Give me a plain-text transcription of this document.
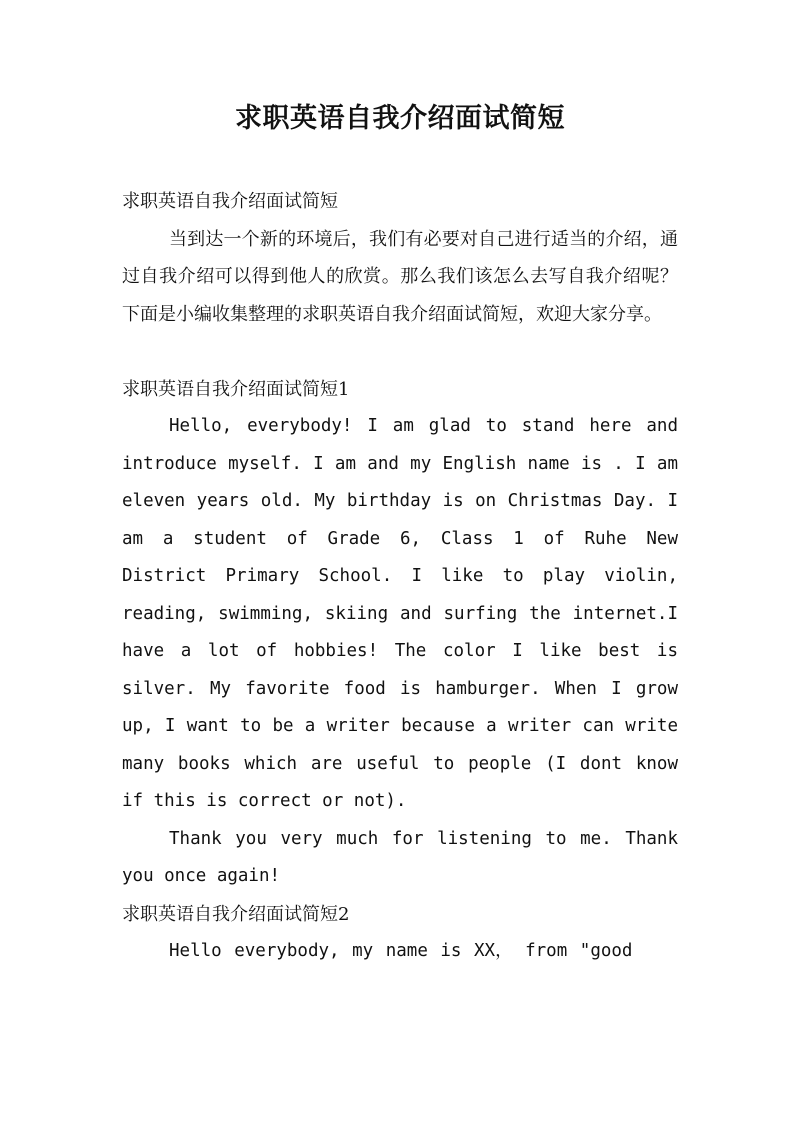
求职英语自我介绍面试简短
求职英语自我介绍面试简短

当到达一个新的环境后，我们有必要对自己进行适当的介绍，通过自我介绍可以得到他人的欣赏。那么我们该怎么去写自我介绍呢？下面是小编收集整理的求职英语自我介绍面试简短，欢迎大家分享。

求职英语自我介绍面试简短1

Hello, everybody! I am glad to stand here and introduce myself. I am and my English name is . I am eleven years old. My birthday is on Christmas Day. I am a student of Grade 6, Class 1 of Ruhe New District Primary School. I like to play violin, reading, swimming, skiing and surfing the internet.I have a lot of hobbies! The color I like best is silver. My favorite food is hamburger. When I grow up, I want to be a writer because a writer can write many books which are useful to people (I dont know if this is correct or not).

Thank you very much for listening to me. Thank you once again!

求职英语自我介绍面试简短2

Hello everybody, my name is XX， from "good
